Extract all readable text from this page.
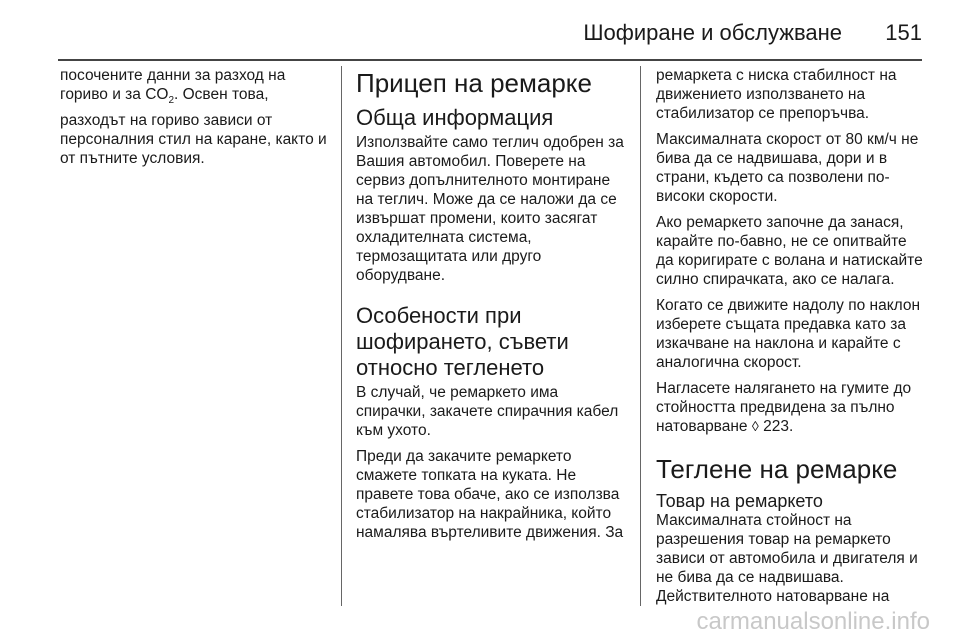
Шофиране и обслужване 151

посочените данни за разход на гориво и за $CO_2$. Освен това,

разходът на гориво зависи от персоналния стил на каране, както и от пътните условия.

Прицеп на ремарке
Обща информация

Използвайте само теглич одобрен за Вашия автомобил. Поверете на сервиз допълнителното монтиране на теглич. Може да се наложи да се извършат промени, които засягат охладителната система, термозащитата или друго оборудване.

Особености при шофирането, съвети относно тегленето

В случай, че ремаркето има спирачки, закачете спирачния кабел към ухото.

Преди да закачите ремаркето смажете топката на куката. Не правете това обаче, ако се използва стабилизатор на накрайника, който намалява въртеливите движения. За

ремаркета с ниска стабилност на движението използването на стабилизатор се препоръчва.

Максималната скорост от 80 км/ч не бива да се надвишава, дори и в страни, където са позволени по-високи скорости.

Ако ремаркето започне да занася, карайте по-бавно, не се опитвайте да коригирате с волана и натискайте силно спирачката, ако се налага.

Когато се движите надолу по наклон изберете същата предавка като за изкачване на наклона и карайте с аналогична скорост.

Нагласете налягането на гумите до стойността предвидена за пълно натоварване ◊ 223.

Теглене на ремарке
Товар на ремаркето

Максималната стойност на разрешения товар на ремаркето зависи от автомобила и двигателя и не бива да се надвишава. Действителното натоварване на

carmanualsonline.info
